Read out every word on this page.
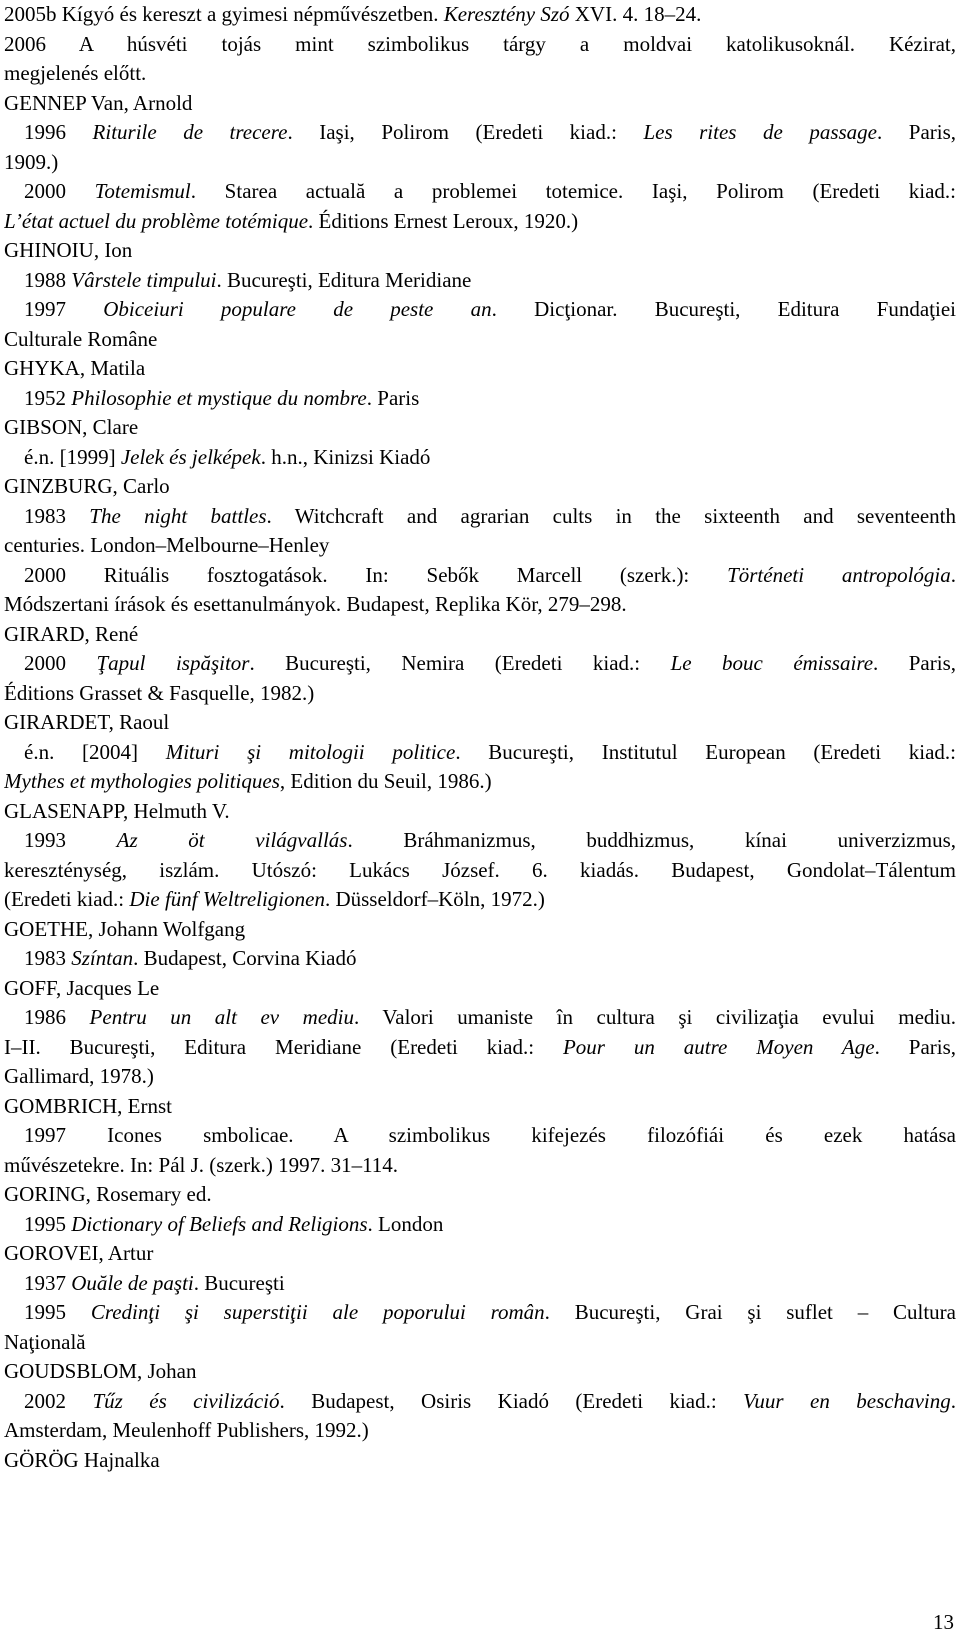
2005b Kígyó és kereszt a gyimesi népművészetben. Keresztény Szó XVI. 4. 18–24.
2006 A húsvéti tojás mint szimbolikus tárgy a moldvai katolikusoknál. Kézirat,
megjelenés előtt.
GENNEP Van, Arnold
1996 Riturile de trecere. Iaşi, Polirom (Eredeti kiad.: Les rites de passage. Paris,
1909.)
2000 Totemismul. Starea actuală a problemei totemice. Iaşi, Polirom (Eredeti kiad.:
L’état actuel du problème totémique. Éditions Ernest Leroux, 1920.)
GHINOIU, Ion
1988 Vârstele timpului. Bucureşti, Editura Meridiane
1997 Obiceiuri populare de peste an. Dicţionar. Bucureşti, Editura Fundaţiei
Culturale Române
GHYKA, Matila
1952 Philosophie et mystique du nombre. Paris
GIBSON, Clare
é.n. [1999] Jelek és jelképek. h.n., Kinizsi Kiadó
GINZBURG, Carlo
1983 The night battles. Witchcraft and agrarian cults in the sixteenth and seventeenth
centuries. London–Melbourne–Henley
2000 Rituális fosztogatások. In: Sebők Marcell (szerk.): Történeti antropológia.
Módszertani írások és esettanulmányok. Budapest, Replika Kör, 279–298.
GIRARD, René
2000 Ţapul ispăşitor. Bucureşti, Nemira (Eredeti kiad.: Le bouc émissaire. Paris,
Éditions Grasset & Fasquelle, 1982.)
GIRARDET, Raoul
é.n. [2004] Mituri şi mitologii politice. Bucureşti, Institutul European (Eredeti kiad.:
Mythes et mythologies politiques, Edition du Seuil, 1986.)
GLASENAPP, Helmuth V.
1993 Az öt világvallás. Bráhmanizmus, buddhizmus, kínai univerzizmus,
kereszténység, iszlám. Utószó: Lukács József. 6. kiadás. Budapest, Gondolat–Tálentum
(Eredeti kiad.: Die fünf Weltreligionen. Düsseldorf–Köln, 1972.)
GOETHE, Johann Wolfgang
1983 Színtan. Budapest, Corvina Kiadó
GOFF, Jacques Le
1986 Pentru un alt ev mediu. Valori umaniste în cultura şi civilizaţia evului mediu.
I–II. Bucureşti, Editura Meridiane (Eredeti kiad.: Pour un autre Moyen Age. Paris,
Gallimard, 1978.)
GOMBRICH, Ernst
1997 Icones smbolicae. A szimbolikus kifejezés filozófiái és ezek hatása
művészetekre. In: Pál J. (szerk.) 1997. 31–114.
GORING, Rosemary ed.
1995 Dictionary of Beliefs and Religions. London
GOROVEI, Artur
1937 Ouăle de paşti. Bucureşti
1995 Credinţi şi superstiţii ale poporului român. Bucureşti, Grai şi suflet – Cultura
Naţională
GOUDSBLOM, Johan
2002 Tűz és civilizáció. Budapest, Osiris Kiadó (Eredeti kiad.: Vuur en beschaving.
Amsterdam, Meulenhoff Publishers, 1992.)
GÖRÖG Hajnalka
13
